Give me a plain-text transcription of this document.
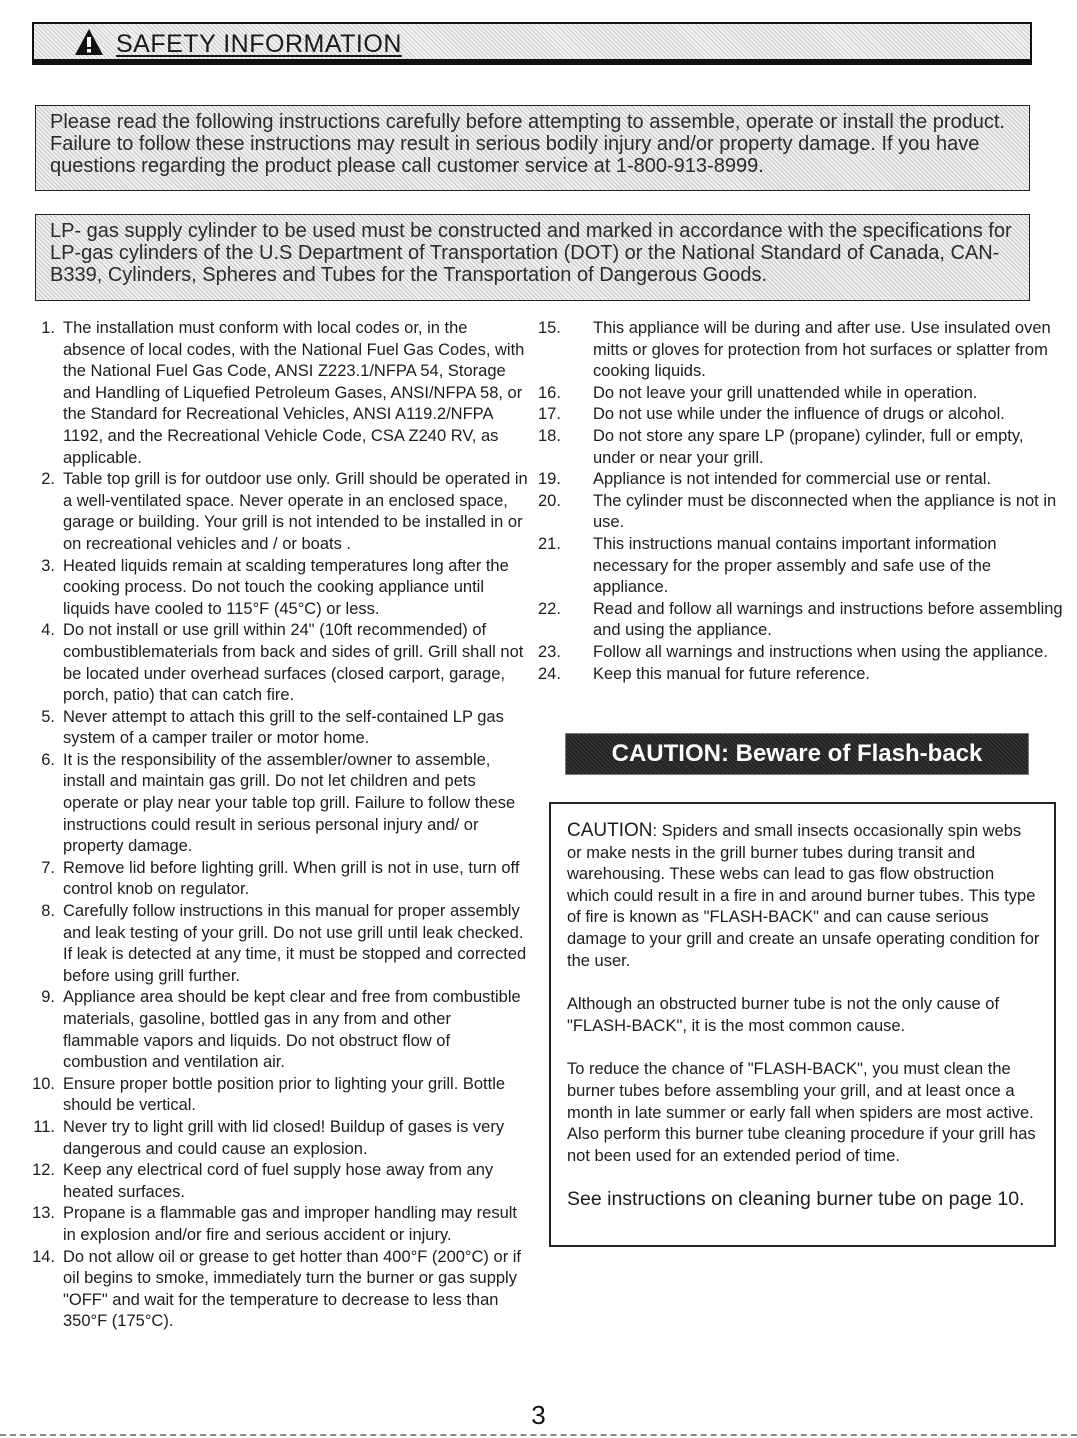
SAFETY INFORMATION

Please read the following instructions carefully before attempting to assemble, operate or install the product. Failure to follow these instructions may result in serious bodily injury and/or property damage. If you have questions regarding the product please call customer service at 1-800-913-8999.

LP- gas supply cylinder to be used must be constructed and marked in accordance with the specifications for LP-gas cylinders of the U.S Department of Transportation (DOT) or the National Standard of Canada, CAN-B339, Cylinders, Spheres and Tubes for the Transportation of Dangerous Goods.

1. The installation must conform with local codes or, in the absence of local codes, with the National Fuel Gas Codes, with the National Fuel Gas Code, ANSI Z223.1/NFPA 54, Storage and Handling of Liquefied Petroleum Gases, ANSI/NFPA 58, or the Standard for Recreational Vehicles, ANSI A119.2/NFPA 1192, and the Recreational Vehicle Code, CSA Z240 RV, as applicable.
2. Table top grill is for outdoor use only. Grill should be operated in a well-ventilated space. Never operate in an enclosed space, garage or building. Your grill is not intended to be installed in or on recreational vehicles and / or boats .
3. Heated liquids remain at scalding temperatures long after the cooking process. Do not touch the cooking appliance until liquids have cooled to 115°F (45°C) or less.
4. Do not install or use grill within 24" (10ft recommended) of combustiblematerials from back and sides of grill. Grill shall not be located under overhead surfaces (closed carport, garage, porch, patio) that can catch fire.
5. Never attempt to attach this grill to the self-contained LP gas system of a camper trailer or motor home.
6. It is the responsibility of the assembler/owner to assemble, install and maintain gas grill. Do not let children and pets operate or play near your table top grill. Failure to follow these instructions could result in serious personal injury and/ or property damage.
7. Remove lid before lighting grill. When grill is not in use, turn off control knob on regulator.
8. Carefully follow instructions in this manual for proper assembly and leak testing of your grill. Do not use grill until leak checked. If leak is detected at any time, it must be stopped and corrected before using grill further.
9. Appliance area should be kept clear and free from combustible materials, gasoline, bottled gas in any from and other flammable vapors and liquids. Do not obstruct flow of combustion and ventilation air.
10. Ensure proper bottle position prior to lighting your grill. Bottle should be vertical.
11. Never try to light grill with lid closed! Buildup of gases is very dangerous and could cause an explosion.
12. Keep any electrical cord of fuel supply hose away from any heated surfaces.
13. Propane is a flammable gas and improper handling may result in explosion and/or fire and serious accident or injury.
14. Do not allow oil or grease to get hotter than 400°F (200°C) or if oil begins to smoke, immediately turn the burner or gas supply "OFF" and wait for the temperature to decrease to less than 350°F (175°C).
15.	This appliance will be during and after use. Use insulated oven mitts or gloves for protection from hot surfaces or splatter from cooking liquids.
16.	Do not leave your grill unattended while in operation.
17.	Do not use while under the influence of drugs or alcohol.
18.	Do not store any spare LP (propane) cylinder, full or empty, under or near your grill.
19.	Appliance is not intended for commercial use or rental.
20.	The cylinder must be disconnected when the appliance is not in use.
21.	This instructions manual contains important information necessary for the proper assembly and safe use of the appliance.
22.	Read and follow all warnings and instructions before assembling and using the appliance.
23.	Follow all warnings and instructions when using the appliance.
24.	Keep this manual for future reference.
CAUTION: Beware of Flash-back

CAUTION: Spiders and small insects occasionally spin webs or make nests in the grill burner tubes during transit and warehousing. These webs can lead to gas flow obstruction which could result in a fire in and around burner tubes. This type of fire is known as "FLASH-BACK" and can cause serious damage to your grill and create an unsafe operating condition for the user.

Although an obstructed burner tube is not the only cause of "FLASH-BACK", it is the most common cause.

To reduce the chance of "FLASH-BACK", you must clean the burner tubes before assembling your grill, and at least once a month in late summer or early fall when spiders are most active. Also perform this burner tube cleaning procedure if your grill has not been used for an extended period of time.

See instructions on cleaning burner tube on page 10.

3
